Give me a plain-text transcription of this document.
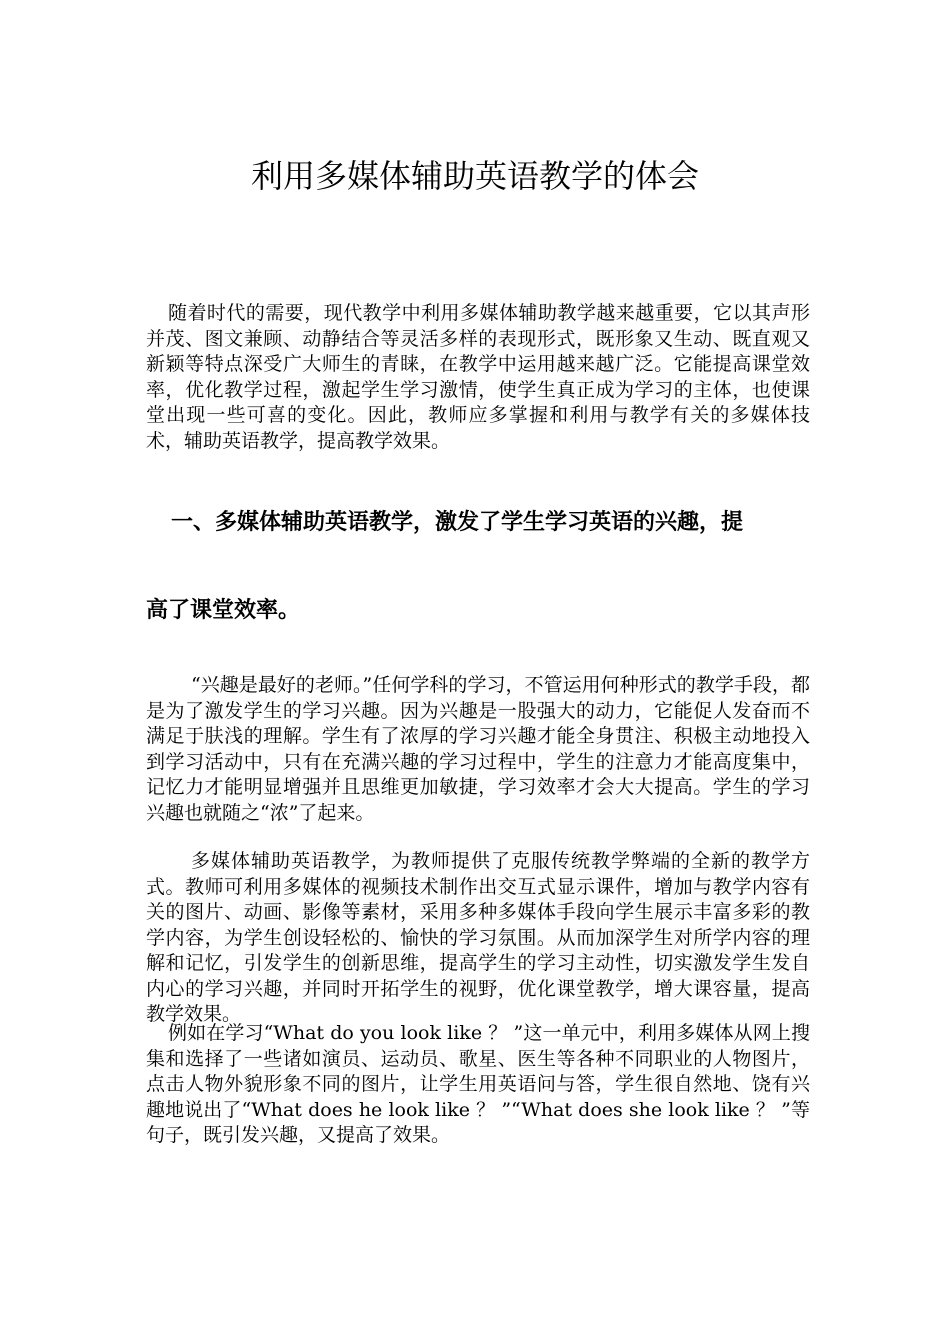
利用多媒体辅助英语教学的体会

随着时代的需要，现代教学中利用多媒体辅助教学越来越重要，它以其声形并茂、图文兼顾、动静结合等灵活多样的表现形式，既形象又生动、既直观又新颖等特点深受广大师生的青睐，在教学中运用越来越广泛。它能提高课堂效率，优化教学过程，激起学生学习激情，使学生真正成为学习的主体，也使课堂出现一些可喜的变化。因此，教师应多掌握和利用与教学有关的多媒体技术，辅助英语教学，提高教学效果。

一、多媒体辅助英语教学，激发了学生学习英语的兴趣，提
高了课堂效率。

“兴趣是最好的老师。”任何学科的学习，不管运用何种形式的教学手段，都是为了激发学生的学习兴趣。因为兴趣是一股强大的动力，它能促人发奋而不满足于肤浅的理解。学生有了浓厚的学习兴趣才能全身贯注、积极主动地投入到学习活动中，只有在充满兴趣的学习过程中，学生的注意力才能高度集中，记忆力才能明显增强并且思维更加敏捷，学习效率才会大大提高。学生的学习兴趣也就随之“浓”了起来。

多媒体辅助英语教学，为教师提供了克服传统教学弊端的全新的教学方式。教师可利用多媒体的视频技术制作出交互式显示课件，增加与教学内容有关的图片、动画、影像等素材，采用多种多媒体手段向学生展示丰富多彩的教学内容，为学生创设轻松的、愉快的学习氛围。从而加深学生对所学内容的理解和记忆，引发学生的创新思维，提高学生的学习主动性，切实激发学生发自内心的学习兴趣，并同时开拓学生的视野，优化课堂教学，增大课容量，提高教学效果。

例如在学习“What do you look like ？ ”这一单元中，利用多媒体从网上搜集和选择了一些诸如演员、运动员、歌星、医生等各种不同职业的人物图片，点击人物外貌形象不同的图片，让学生用英语问与答，学生很自然地、饶有兴趣地说出了“What does he look like ？ ”“What does she look like ？ ”等句子，既引发兴趣，又提高了效果。
